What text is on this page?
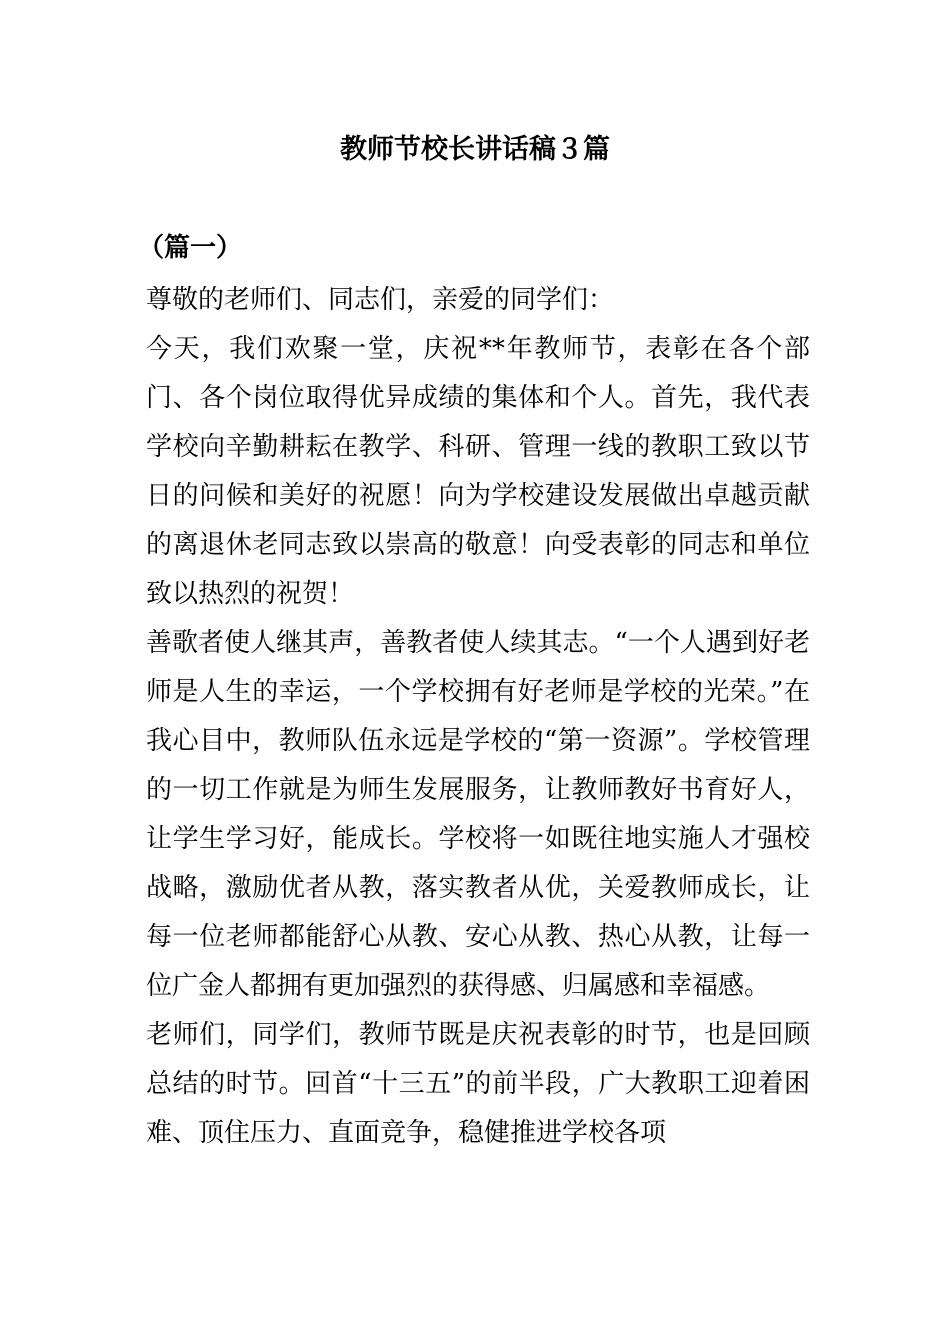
教师节校长讲话稿３篇
（篇一）

尊敬的老师们、同志们，亲爱的同学们：

今天，我们欢聚一堂，庆祝**年教师节，表彰在各个部门、各个岗位取得优异成绩的集体和个人。首先，我代表学校向辛勤耕耘在教学、科研、管理一线的教职工致以节日的问候和美好的祝愿！向为学校建设发展做出卓越贡献的离退休老同志致以崇高的敬意！向受表彰的同志和单位致以热烈的祝贺！

善歌者使人继其声，善教者使人续其志。“一个人遇到好老师是人生的幸运，一个学校拥有好老师是学校的光荣。”在我心目中，教师队伍永远是学校的“第一资源”。学校管理的一切工作就是为师生发展服务，让教师教好书育好人，让学生学习好，能成长。学校将一如既往地实施人才强校战略，激励优者从教，落实教者从优，关爱教师成长，让每一位老师都能舒心从教、安心从教、热心从教，让每一位广金人都拥有更加强烈的获得感、归属感和幸福感。

老师们，同学们，教师节既是庆祝表彰的时节，也是回顾总结的时节。回首“十三五”的前半段，广大教职工迎着困难、顶住压力、直面竞争，稳健推进学校各项
